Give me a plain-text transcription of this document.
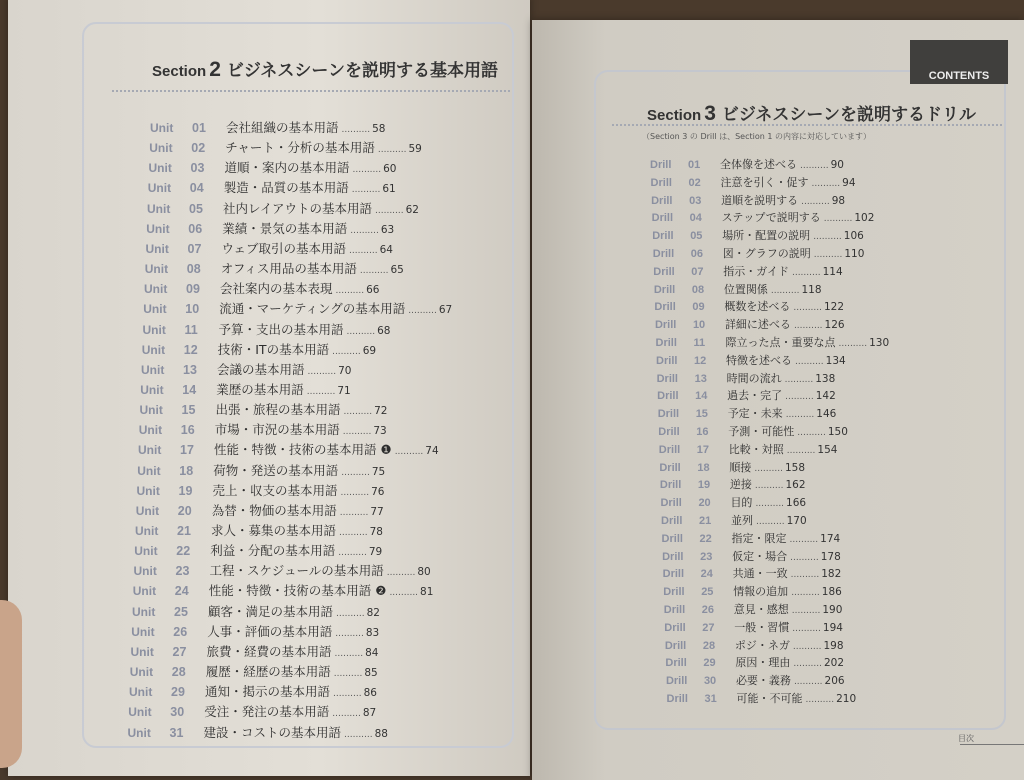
Section 2 ビジネスシーンを説明する基本用語
Unit 01 会社組織の基本用語 .......... 58
Unit 02 チャート・分析の基本用語 .......... 59
Unit 03 道順・案内の基本用語 .......... 60
Unit 04 製造・品質の基本用語 .......... 61
Unit 05 社内レイアウトの基本用語 .......... 62
Unit 06 業績・景気の基本用語 .......... 63
Unit 07 ウェブ取引の基本用語 .......... 64
Unit 08 オフィス用品の基本用語 .......... 65
Unit 09 会社案内の基本表現 .......... 66
Unit 10 流通・マーケティングの基本用語 .......... 67
Unit 11 予算・支出の基本用語 .......... 68
Unit 12 技術・ITの基本用語 .......... 69
Unit 13 会議の基本用語 .......... 70
Unit 14 業歴の基本用語 .......... 71
Unit 15 出張・旅程の基本用語 .......... 72
Unit 16 市場・市況の基本用語 .......... 73
Unit 17 性能・特徴・技術の基本用語 ❶ .......... 74
Unit 18 荷物・発送の基本用語 .......... 75
Unit 19 売上・収支の基本用語 .......... 76
Unit 20 為替・物価の基本用語 .......... 77
Unit 21 求人・募集の基本用語 .......... 78
Unit 22 利益・分配の基本用語 .......... 79
Unit 23 工程・スケジュールの基本用語 .......... 80
Unit 24 性能・特徴・技術の基本用語 ❷ .......... 81
Unit 25 顧客・満足の基本用語 .......... 82
Unit 26 人事・評価の基本用語 .......... 83
Unit 27 旅費・経費の基本用語 .......... 84
Unit 28 履歴・経歴の基本用語 .......... 85
Unit 29 通知・掲示の基本用語 .......... 86
Unit 30 受注・発注の基本用語 .......... 87
Unit 31 建設・コストの基本用語 .......... 88
CONTENTS
Section 3 ビジネスシーンを説明するドリル
（Section 3 の Drill は、Section 1 の内容に対応しています）
Drill 01 全体像を述べる .......... 90
Drill 02 注意を引く・促す .......... 94
Drill 03 道順を説明する .......... 98
Drill 04 ステップで説明する .......... 102
Drill 05 場所・配置の説明 .......... 106
Drill 06 図・グラフの説明 .......... 110
Drill 07 指示・ガイド .......... 114
Drill 08 位置関係 .......... 118
Drill 09 概数を述べる .......... 122
Drill 10 詳細に述べる .......... 126
Drill 11 際立った点・重要な点 .......... 130
Drill 12 特徴を述べる .......... 134
Drill 13 時間の流れ .......... 138
Drill 14 過去・完了 .......... 142
Drill 15 予定・未来 .......... 146
Drill 16 予測・可能性 .......... 150
Drill 17 比較・対照 .......... 154
Drill 18 順接 .......... 158
Drill 19 逆接 .......... 162
Drill 20 目的 .......... 166
Drill 21 並列 .......... 170
Drill 22 指定・限定 .......... 174
Drill 23 仮定・場合 .......... 178
Drill 24 共通・一致 .......... 182
Drill 25 情報の追加 .......... 186
Drill 26 意見・感想 .......... 190
Drill 27 一般・習慣 .......... 194
Drill 28 ポジ・ネガ .......... 198
Drill 29 原因・理由 .......... 202
Drill 30 必要・義務 .......... 206
Drill 31 可能・不可能 .......... 210
目次
